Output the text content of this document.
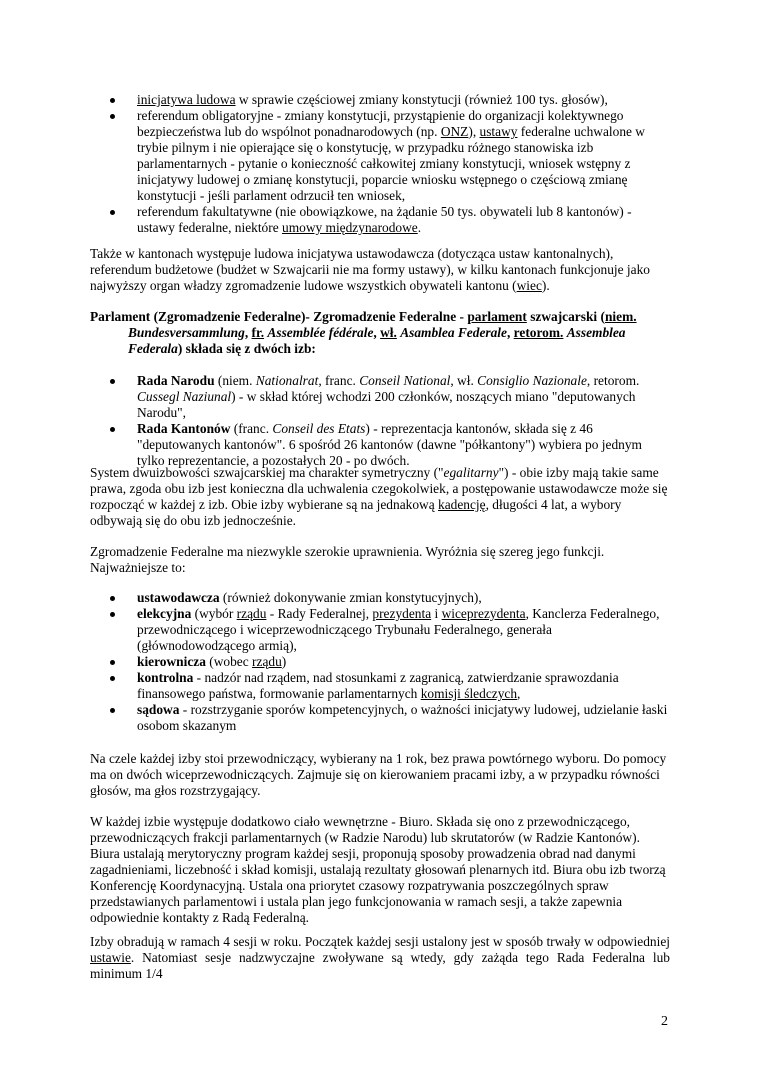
inicjatywa ludowa w sprawie częściowej zmiany konstytucji (również 100 tys. głosów),
referendum obligatoryjne - zmiany konstytucji, przystąpienie do organizacji kolektywnego bezpieczeństwa lub do wspólnot ponadnarodowych (np. ONZ), ustawy federalne uchwalone w trybie pilnym i nie opierające się o konstytucję, w przypadku różnego stanowiska izb parlamentarnych - pytanie o konieczność całkowitej zmiany konstytucji, wniosek wstępny z inicjatywy ludowej o zmianę konstytucji, poparcie wniosku wstępnego o częściową zmianę konstytucji - jeśli parlament odrzucił ten wniosek,
referendum fakultatywne (nie obowiązkowe, na żądanie 50 tys. obywateli lub 8 kantonów) - ustawy federalne, niektóre umowy międzynarodowe.

Także w kantonach występuje ludowa inicjatywa ustawodawcza (dotycząca ustaw kantonalnych), referendum budżetowe (budżet w Szwajcarii nie ma formy ustawy), w kilku kantonach funkcjonuje jako najwyższy organ władzy zgromadzenie ludowe wszystkich obywateli kantonu (wiec).

Parlament (Zgromadzenie Federalne)- Zgromadzenie Federalne - parlament szwajcarski (niem.
Bundesversammlung, fr. Assemblée fédérale, wł. Asamblea Federale, retorom. Assemblea Federala) składa się z dwóch izb:

Rada Narodu (niem. Nationalrat, franc. Conseil National, wł. Consiglio Nazionale, retorom. Cussegl Naziunal) - w skład której wchodzi 200 członków, noszących miano "deputowanych Narodu",
Rada Kantonów (franc. Conseil des Etats) - reprezentacja kantonów, składa się z 46 "deputowanych kantonów". 6 spośród 26 kantonów (dawne "półkantony") wybiera po jednym tylko reprezentancie, a pozostałych 20 - po dwóch.

System dwuizbowości szwajcarskiej ma charakter symetryczny ("egalitarny") - obie izby mają takie same prawa, zgoda obu izb jest konieczna dla uchwalenia czegokolwiek, a postępowanie ustawodawcze może się rozpocząć w każdej z izb. Obie izby wybierane są na jednakową kadencję, długości 4 lat, a wybory odbywają się do obu izb jednocześnie.

Zgromadzenie Federalne ma niezwykle szerokie uprawnienia. Wyróżnia się szereg jego funkcji. Najważniejsze to:

ustawodawcza (również dokonywanie zmian konstytucyjnych),
elekcyjna (wybór rządu - Rady Federalnej, prezydenta i wiceprezydenta, Kanclerza Federalnego, przewodniczącego i wiceprzewodniczącego Trybunału Federalnego, generała (głównodowodzącego armią),
kierownicza (wobec rządu)
kontrolna - nadzór nad rządem, nad stosunkami z zagranicą, zatwierdzanie sprawozdania finansowego państwa, formowanie parlamentarnych komisji śledczych,
sądowa - rozstrzyganie sporów kompetencyjnych, o ważności inicjatywy ludowej, udzielanie łaski osobom skazanym

Na czele każdej izby stoi przewodniczący, wybierany na 1 rok, bez prawa powtórnego wyboru. Do pomocy ma on dwóch wiceprzewodniczących. Zajmuje się on kierowaniem pracami izby, a w przypadku równości głosów, ma głos rozstrzygający.

W każdej izbie występuje dodatkowo ciało wewnętrzne - Biuro. Składa się ono z przewodniczącego, przewodniczących frakcji parlamentarnych (w Radzie Narodu) lub skrutatorów (w Radzie Kantonów). Biura ustalają merytoryczny program każdej sesji, proponują sposoby prowadzenia obrad nad danymi zagadnieniami, liczebność i skład komisji, ustalają rezultaty głosowań plenarnych itd. Biura obu izb tworzą Konferencję Koordynacyjną. Ustala ona priorytet czasowy rozpatrywania poszczególnych spraw przedstawianych parlamentowi i ustala plan jego funkcjonowania w ramach sesji, a także zapewnia odpowiednie kontakty z Radą Federalną.

Izby obradują w ramach 4 sesji w roku. Początek każdej sesji ustalony jest w sposób trwały w odpowiedniej ustawie. Natomiast sesje nadzwyczajne zwoływane są wtedy, gdy zażąda tego Rada Federalna lub minimum 1/4

2
